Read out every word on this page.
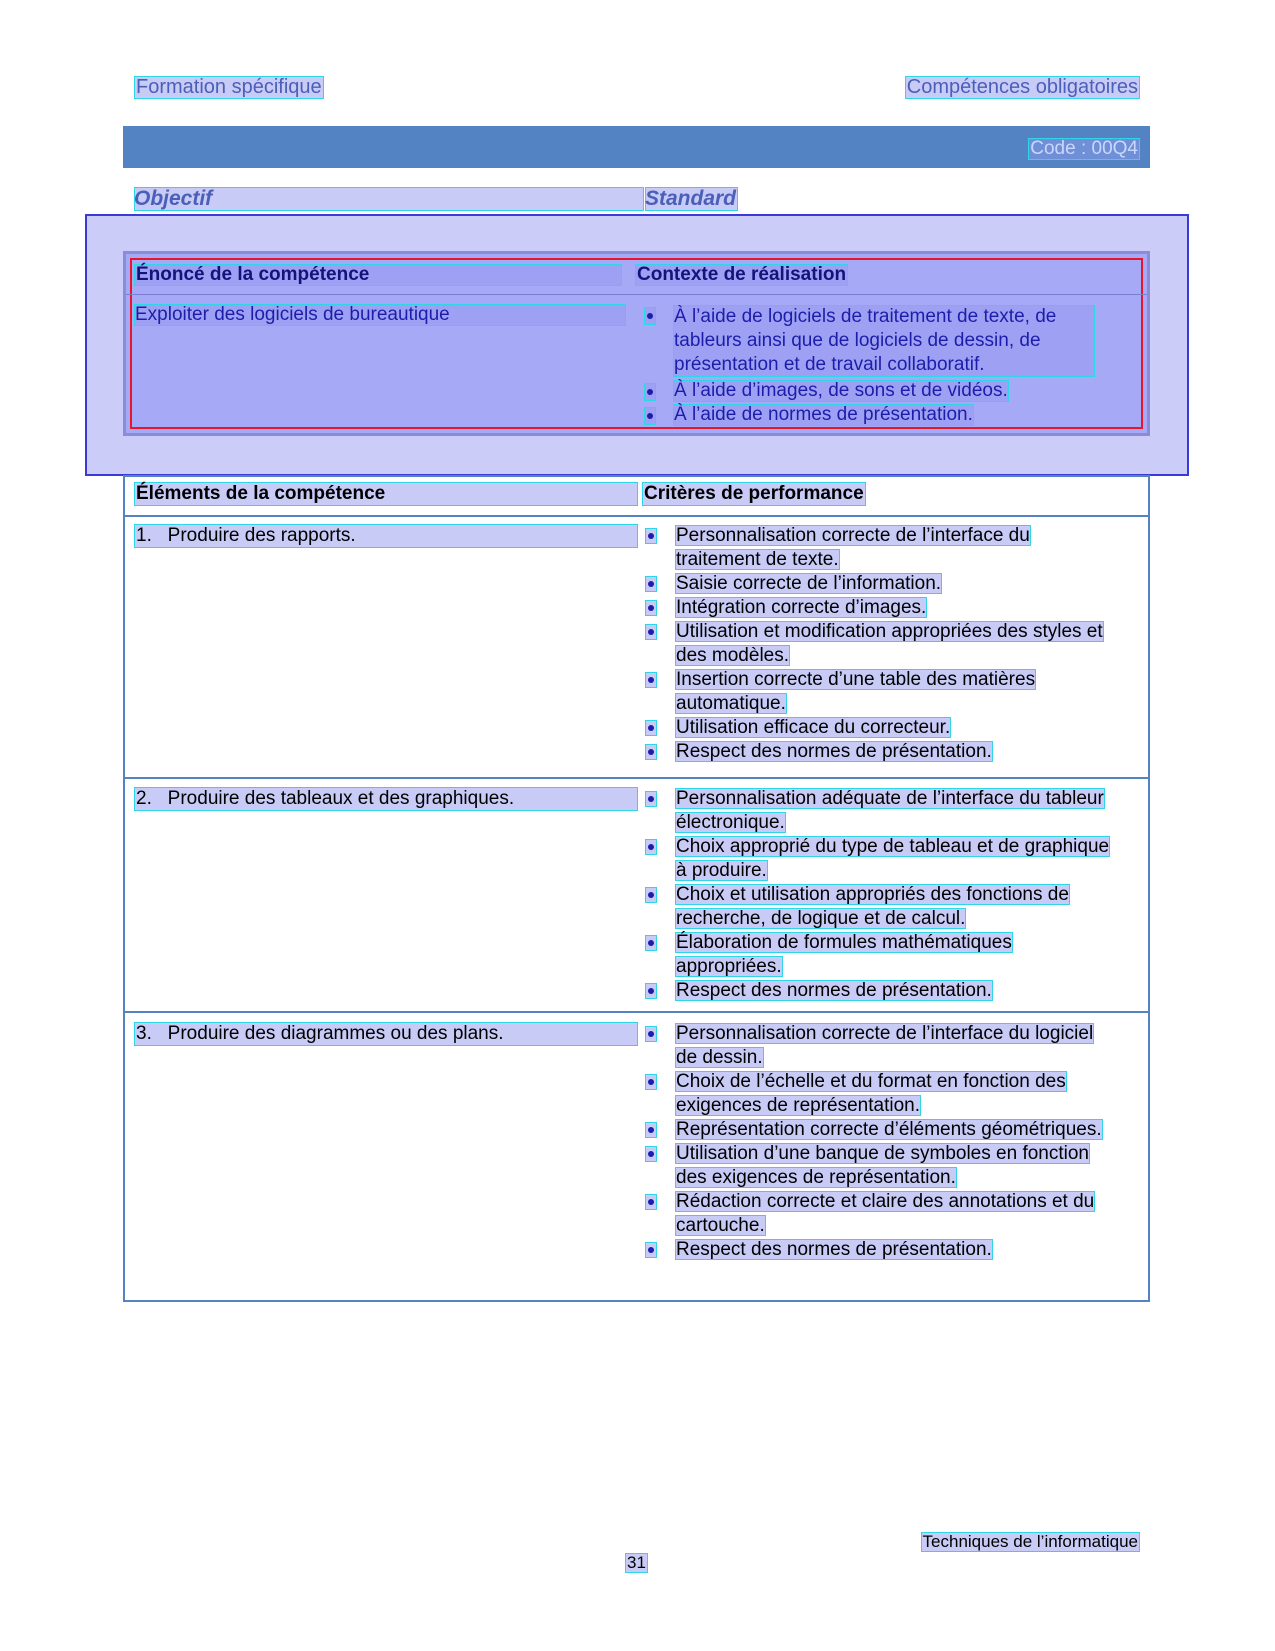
Formation spécifique	Compétences obligatoires
Code : 00Q4
Objectif	Standard
Énoncé de la compétence	Contexte de réalisation
Exploiter des logiciels de bureautique	À l’aide de logiciels de traitement de texte, de tableurs ainsi que de logiciels de dessin, de présentation et de travail collaboratif.
À l’aide d’images, de sons et de vidéos.
À l’aide de normes de présentation.
Éléments de la compétence	Critères de performance
1.   Produire des rapports.	Personnalisation correcte de l’interface du traitement de texte.

Saisie correcte de l’information.

Intégration correcte d’images.

Utilisation et modification appropriées des styles et des modèles.

Insertion correcte d’une table des matières automatique.

Utilisation efficace du correcteur.

Respect des normes de présentation.

2.   Produire des tableaux et des graphiques.	Personnalisation adéquate de l’interface du tableur électronique.

Choix approprié du type de tableau et de graphique à produire.

Choix et utilisation appropriés des fonctions de recherche, de logique et de calcul.

Élaboration de formules mathématiques appropriées.

Respect des normes de présentation.

3.   Produire des diagrammes ou des plans.	Personnalisation correcte de l’interface du logiciel de dessin.

Choix de l’échelle et du format en fonction des exigences de représentation.

Représentation correcte d’éléments géométriques.

Utilisation d’une banque de symboles en fonction des exigences de représentation.

Rédaction correcte et claire des annotations et du cartouche.

Respect des normes de présentation.

Techniques de l’informatique
31
